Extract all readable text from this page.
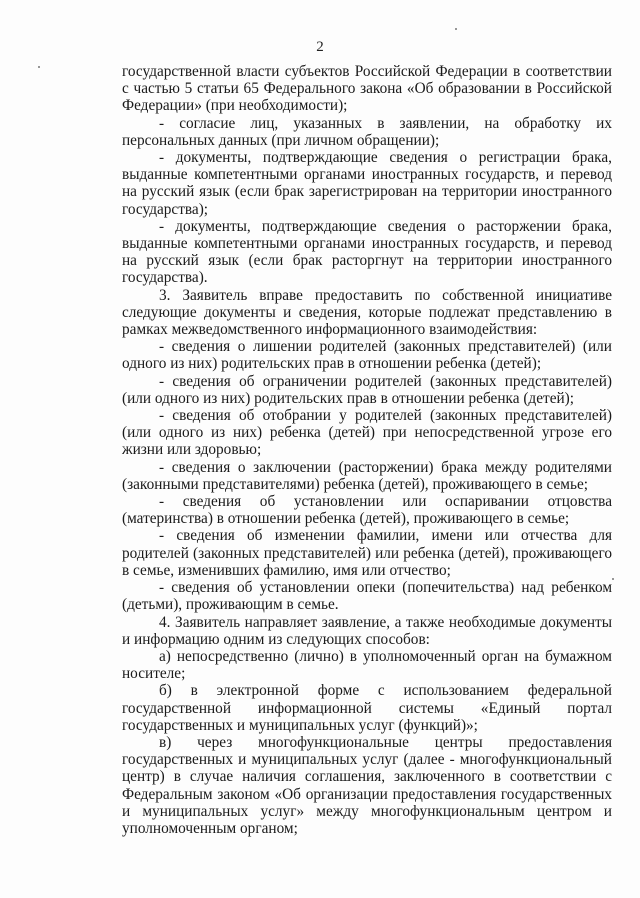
2

государственной власти субъектов Российской Федерации в соответствии с частью 5 статьи 65 Федерального закона «Об образовании в Российской Федерации» (при необходимости);

- согласие лиц, указанных в заявлении, на обработку их персональных данных (при личном обращении);

- документы, подтверждающие сведения о регистрации брака, выданные компетентными органами иностранных государств, и перевод на русский язык (если брак зарегистрирован на территории иностранного государства);

- документы, подтверждающие сведения о расторжении брака, выданные компетентными органами иностранных государств, и перевод на русский язык (если брак расторгнут на территории иностранного государства).

3. Заявитель вправе предоставить по собственной инициативе следующие документы и сведения, которые подлежат представлению в рамках межведомственного информационного взаимодействия:

- сведения о лишении родителей (законных представителей) (или одного из них) родительских прав в отношении ребенка (детей);

- сведения об ограничении родителей (законных представителей) (или одного из них) родительских прав в отношении ребенка (детей);

- сведения об отобрании у родителей (законных представителей) (или одного из них) ребенка (детей) при непосредственной угрозе его жизни или здоровью;

- сведения о заключении (расторжении) брака между родителями (законными представителями) ребенка (детей), проживающего в семье;

- сведения об установлении или оспаривании отцовства (материнства) в отношении ребенка (детей), проживающего в семье;

- сведения об изменении фамилии, имени или отчества для родителей (законных представителей) или ребенка (детей), проживающего в семье, изменивших фамилию, имя или отчество;

- сведения об установлении опеки (попечительства) над ребенком (детьми), проживающим в семье.

4. Заявитель направляет заявление, а также необходимые документы и информацию одним из следующих способов:

а) непосредственно (лично) в уполномоченный орган на бумажном носителе;

б) в электронной форме с использованием федеральной государственной информационной системы «Единый портал государственных и муниципальных услуг (функций)»;

в) через многофункциональные центры предоставления государственных и муниципальных услуг (далее - многофункциональный центр) в случае наличия соглашения, заключенного в соответствии с Федеральным законом «Об организации предоставления государственных и муниципальных услуг» между многофункциональным центром и уполномоченным органом;
